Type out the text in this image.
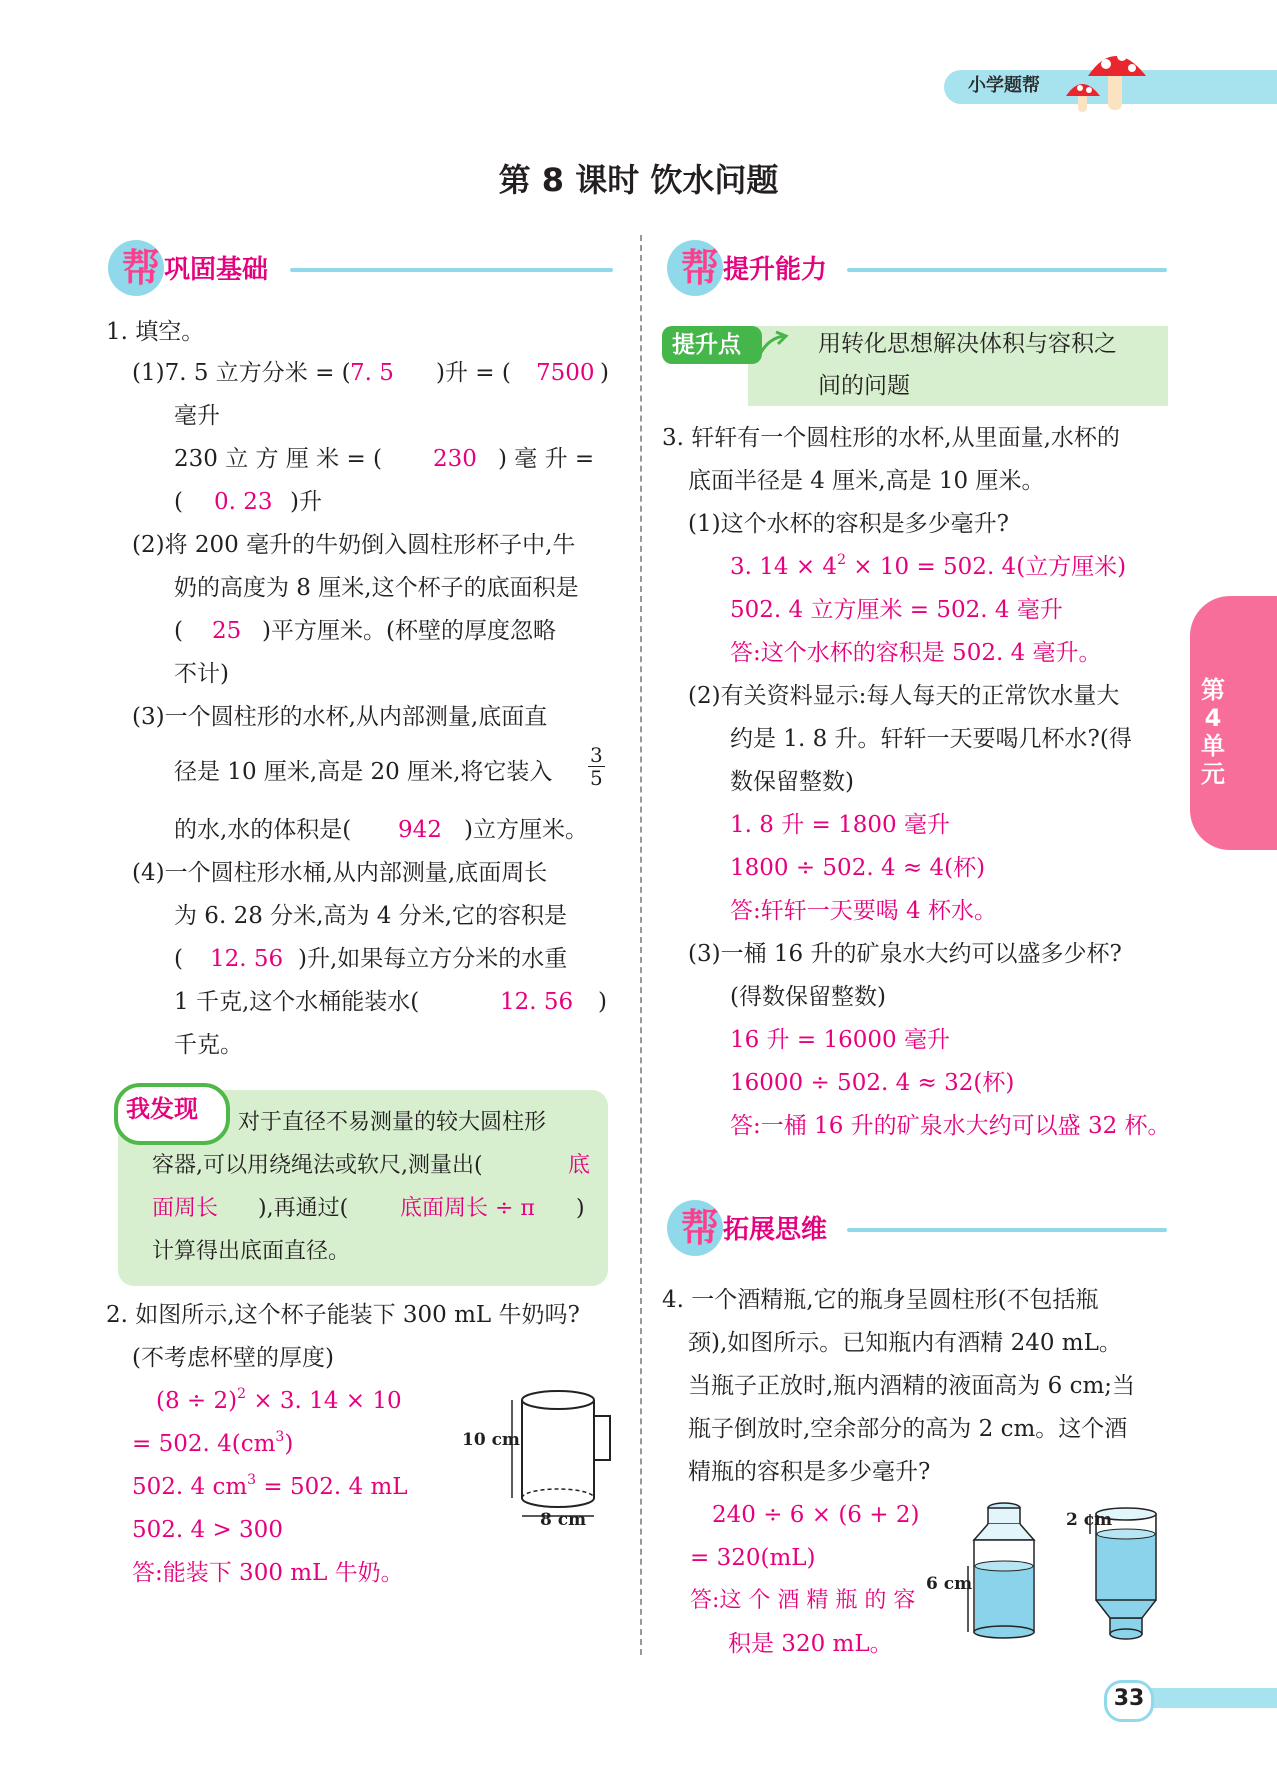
小学题帮
第 8 课时 饮水问题
帮 巩固基础
1. 填空。
(1)7. 5 立方分米 = ( 7. 5 )升 = ( 7500 )
毫升
230 立 方 厘 米 = ( 230 ) 毫 升 =
( 0. 23 )升
(2)将 200 毫升的牛奶倒入圆柱形杯子中,牛
奶的高度为 8 厘米,这个杯子的底面积是
( 25 )平方厘米。(杯壁的厚度忽略
不计)
(3)一个圆柱形的水杯,从内部测量,底面直
径是 10 厘米,高是 20 厘米,将它装入 $\frac{3}{5}$
的水,水的体积是( 942 )立方厘米。
(4)一个圆柱形水桶,从内部测量,底面周长
为 6. 28 分米,高为 4 分米,它的容积是
( 12. 56 )升,如果每立方分米的水重
1 千克,这个水桶能装水(	12. 56 )
千克。
我发现 对于直径不易测量的较大圆柱形
容器,可以用绕绳法或软尺,测量出(	底
面周长 ),再通过( 底面周长 ÷ π )
计算得出底面直径。
2. 如图所示,这个杯子能装下 300 mL 牛奶吗?
(不考虑杯壁的厚度)
$(8 \div 2)^2 \times 3$. 14 × 10
= 502. $4(cm^3)$
502. 4 $cm^3 = 502$. 4 mL
502. 4 > 300
答:能装下 300 mL 牛奶。
10 cm
8 cm
帮 提升能力
提升点	用转化思想解决体积与容积之
间的问题
3. 轩轩有一个圆柱形的水杯,从里面量,水杯的
底面半径是 4 厘米,高是 10 厘米。
(1)这个水杯的容积是多少毫升?
3. $14 \times 4^2 \times 10 = 502$. 4(立方厘米)
502. 4 立方厘米 = 502. 4 毫升
答:这个水杯的容积是 502. 4 毫升。
(2)有关资料显示:每人每天的正常饮水量大
约是 1. 8 升。轩轩一天要喝几杯水?(得
数保留整数)
1. 8 升 = 1800 毫升
1800 ÷ 502. 4 ≈ 4(杯)
答:轩轩一天要喝 4 杯水。
(3)一桶 16 升的矿泉水大约可以盛多少杯?
(得数保留整数)
16 升 = 16000 毫升
16000 ÷ 502. 4 ≈ 32(杯)
答:一桶 16 升的矿泉水大约可以盛 32 杯。
帮 拓展思维
4. 一个酒精瓶,它的瓶身呈圆柱形(不包括瓶
颈),如图所示。已知瓶内有酒精 240 mL。
当瓶子正放时,瓶内酒精的液面高为 6 cm;当
瓶子倒放时,空余部分的高为 2 cm。这个酒
精瓶的容积是多少毫升?
240 ÷ 6 × (6 + 2)
= 320(mL)
答:这 个 酒 精 瓶 的 容
积是 320 mL。
6 cm
2 cm
第4单元
33
